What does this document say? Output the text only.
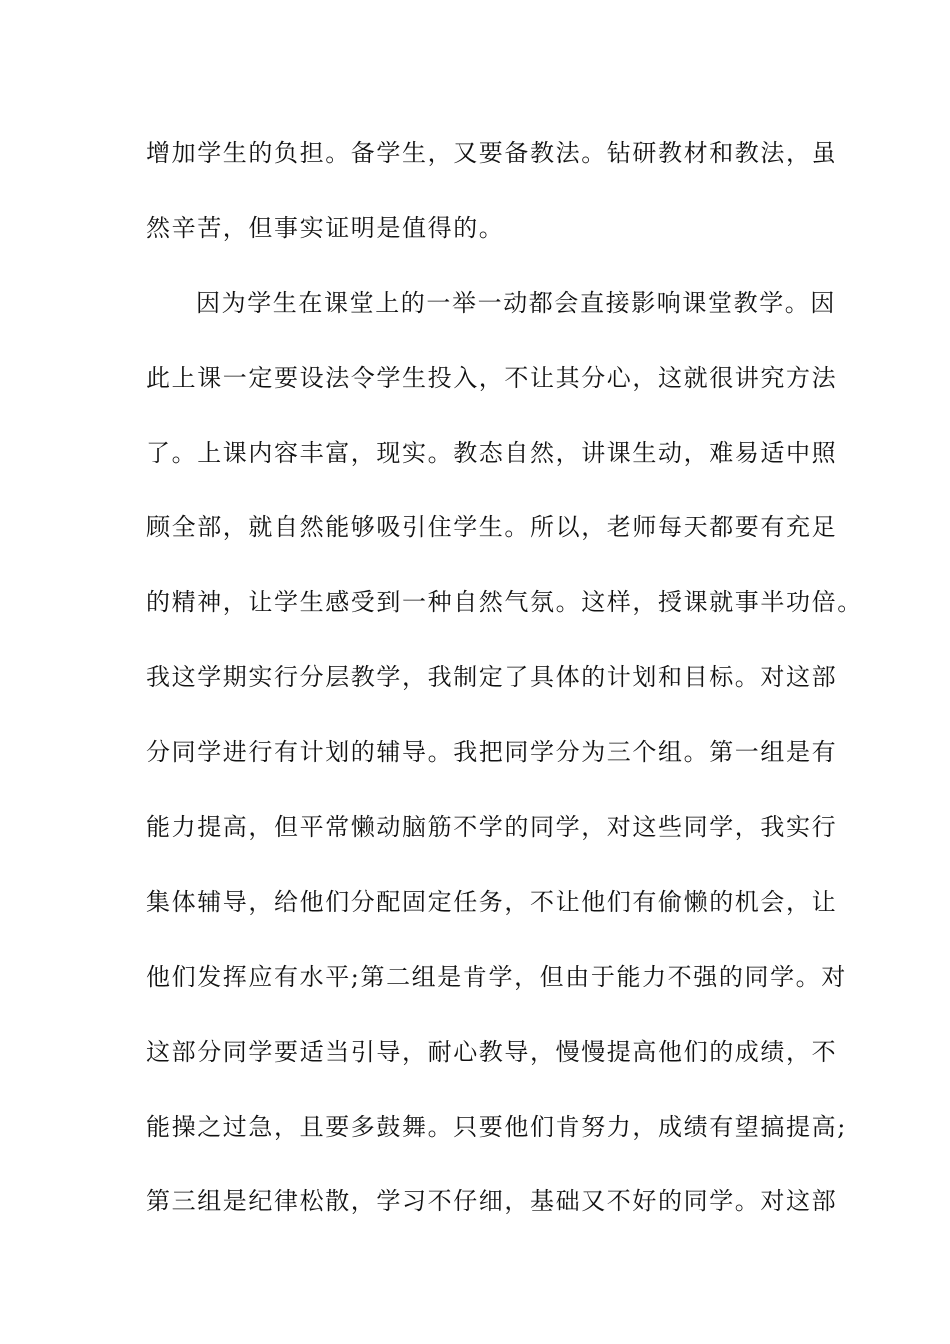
增加学生的负担。备学生，又要备教法。钻研教材和教法，虽
然辛苦，但事实证明是值得的。
因为学生在课堂上的一举一动都会直接影响课堂教学。因
此上课一定要设法令学生投入，不让其分心，这就很讲究方法
了。上课内容丰富，现实。教态自然，讲课生动，难易适中照
顾全部，就自然能够吸引住学生。所以，老师每天都要有充足
的精神，让学生感受到一种自然气氛。这样，授课就事半功倍。
我这学期实行分层教学，我制定了具体的计划和目标。对这部
分同学进行有计划的辅导。我把同学分为三个组。第一组是有
能力提高，但平常懒动脑筋不学的同学，对这些同学，我实行
集体辅导，给他们分配固定任务，不让他们有偷懒的机会，让
他们发挥应有水平;第二组是肯学，但由于能力不强的同学。对
这部分同学要适当引导，耐心教导，慢慢提高他们的成绩，不
能操之过急，且要多鼓舞。只要他们肯努力，成绩有望搞提高;
第三组是纪律松散，学习不仔细，基础又不好的同学。对这部
